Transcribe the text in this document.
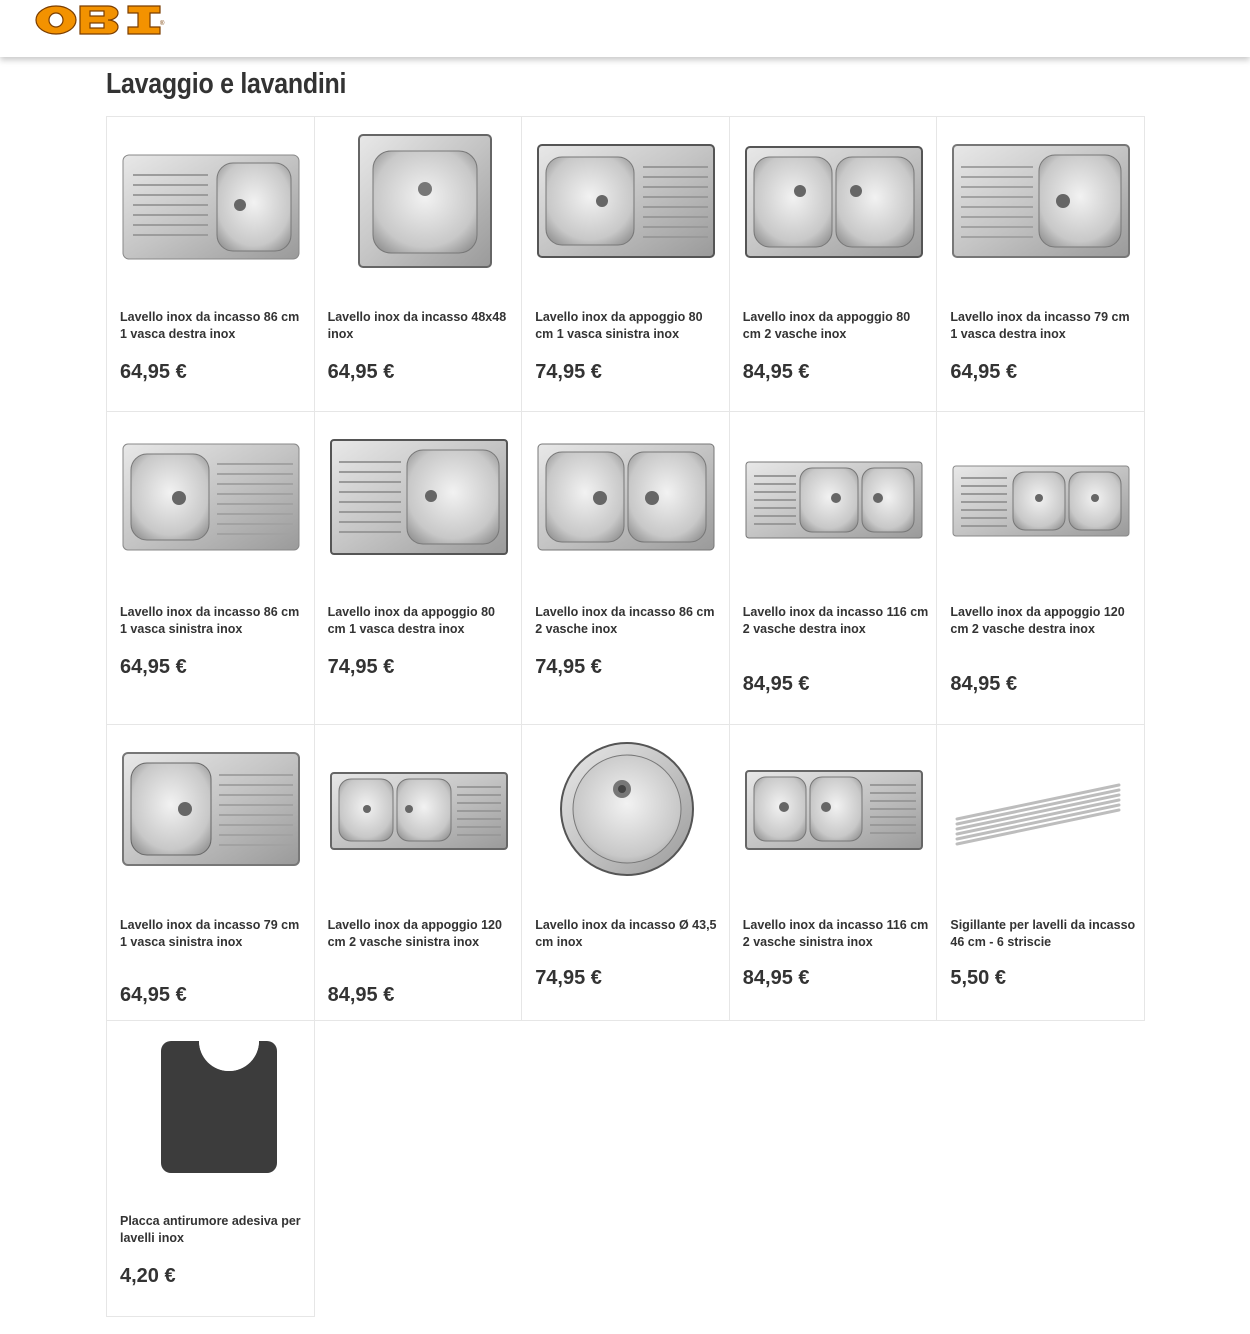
®
Lavaggio e lavandini
Lavello inox da incasso 86 cm 1 vasca destra inox
64,95 €
Lavello inox da incasso 48x48 inox
64,95 €
Lavello inox da appoggio 80 cm 1 vasca sinistra inox
74,95 €
Lavello inox da appoggio 80 cm 2 vasche inox
84,95 €
Lavello inox da incasso 79 cm 1 vasca destra inox
64,95 €
Lavello inox da incasso 86 cm 1 vasca sinistra inox
64,95 €
Lavello inox da appoggio 80 cm 1 vasca destra inox
74,95 €
Lavello inox da incasso 86 cm 2 vasche inox
74,95 €
Lavello inox da incasso 116 cm 2 vasche destra inox
84,95 €
Lavello inox da appoggio 120 cm 2 vasche destra inox
84,95 €
Lavello inox da incasso 79 cm 1 vasca sinistra inox
64,95 €
Lavello inox da appoggio 120 cm 2 vasche sinistra inox
84,95 €
Lavello inox da incasso Ø 43,5 cm inox
74,95 €
Lavello inox da incasso 116 cm 2 vasche sinistra inox
84,95 €
Sigillante per lavelli da incasso 46 cm - 6 striscie
5,50 €
Placca antirumore adesiva per lavelli inox
4,20 €
